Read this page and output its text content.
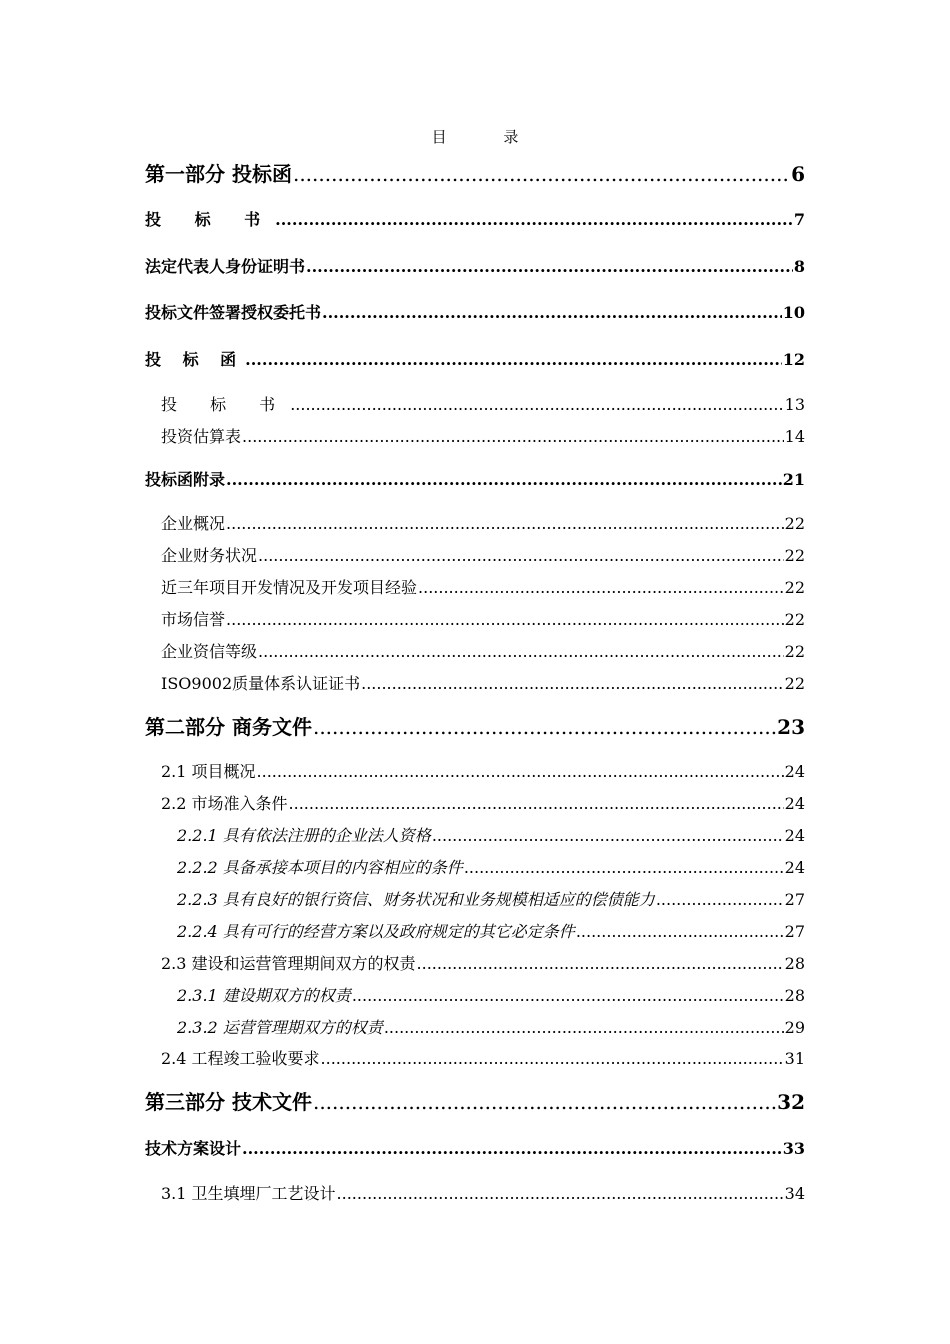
目 录
第一部分 投标函 .....	6
投 标 书 .....	7
法定代表人身份证明书 .....	8
投标文件签署授权委托书 .....	10
投 标 函 .....	12
投 标 书 .....	13
投资估算表 .....	14
投标函附录 .....	21
企业概况 .....	22
企业财务状况 .....	22
近三年项目开发情况及开发项目经验 .....	22
市场信誉 .....	22
企业资信等级 .....	22
ISO9002质量体系认证证书 .....	22
第二部分 商务文件 .....	23
2.1 项目概况 .....	24
2.2 市场准入条件 .....	24
2.2.1 具有依法注册的企业法人资格 .....	24
2.2.2 具备承接本项目的内容相应的条件 .....	24
2.2.3 具有良好的银行资信、财务状况和业务规模相适应的偿债能力 .....	27
2.2.4 具有可行的经营方案以及政府规定的其它必定条件 .....	27
2.3 建设和运营管理期间双方的权责 .....	28
2.3.1 建设期双方的权责 .....	28
2.3.2 运营管理期双方的权责 .....	29
2.4 工程竣工验收要求 .....	31
第三部分 技术文件 .....	32
技术方案设计 .....	33
3.1 卫生填埋厂工艺设计 .....	34
